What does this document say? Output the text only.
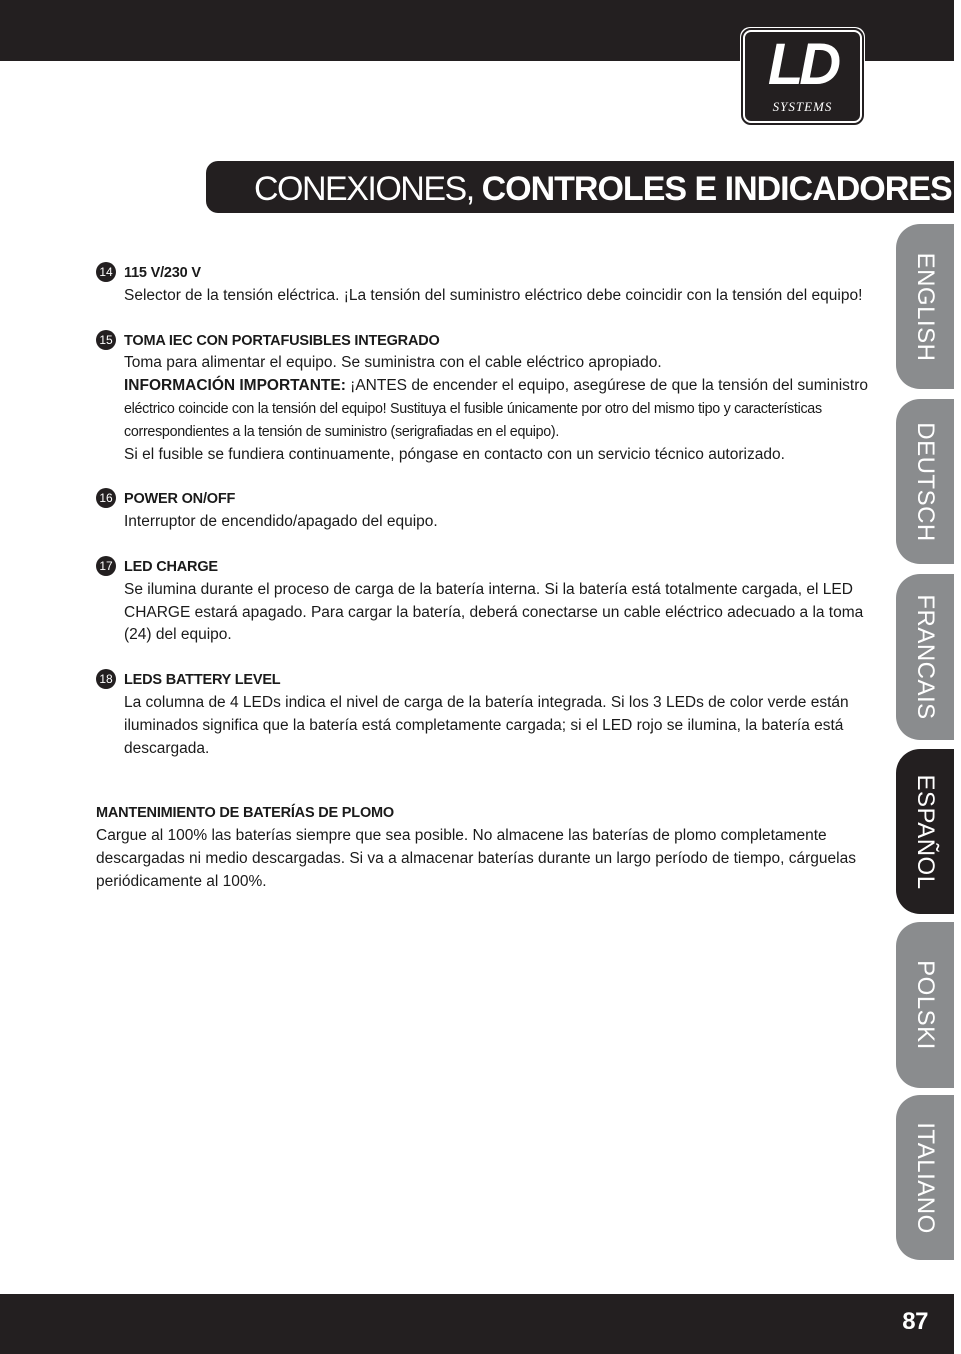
LD
SYSTEMS
CONEXIONES, CONTROLES E INDICADORES:
14 115 V/230 V
Selector de la tensión eléctrica. ¡La tensión del suministro eléctrico debe coincidir con la tensión del equipo!
15 TOMA IEC CON PORTAFUSIBLES INTEGRADO
Toma para alimentar el equipo. Se suministra con el cable eléctrico apropiado.
INFORMACIÓN IMPORTANTE: ¡ANTES de encender el equipo, asegúrese de que la tensión del suministro
eléctrico coincide con la tensión del equipo! Sustituya el fusible únicamente por otro del mismo tipo y características
correspondientes a la tensión de suministro (serigrafiadas en el equipo).
Si el fusible se fundiera continuamente, póngase en contacto con un servicio técnico autorizado.
16 POWER ON/OFF
Interruptor de encendido/apagado del equipo.
17 LED CHARGE
Se ilumina durante el proceso de carga de la batería interna. Si la batería está totalmente cargada, el LED
CHARGE estará apagado. Para cargar la batería, deberá conectarse un cable eléctrico adecuado a la toma
(24) del equipo.
18 LEDS BATTERY LEVEL
La columna de 4 LEDs indica el nivel de carga de la batería integrada. Si los 3 LEDs de color verde están
iluminados significa que la batería está completamente cargada; si el LED rojo se ilumina, la batería está
descargada.
MANTENIMIENTO DE BATERÍAS DE PLOMO
Cargue al 100% las baterías siempre que sea posible. No almacene las baterías de plomo completamente
descargadas ni medio descargadas. Si va a almacenar baterías durante un largo período de tiempo, cárguelas
periódicamente al 100%.
ENGLISH
DEUTSCH
FRANCAIS
ESPAÑOL
POLSKI
ITALIANO
87
